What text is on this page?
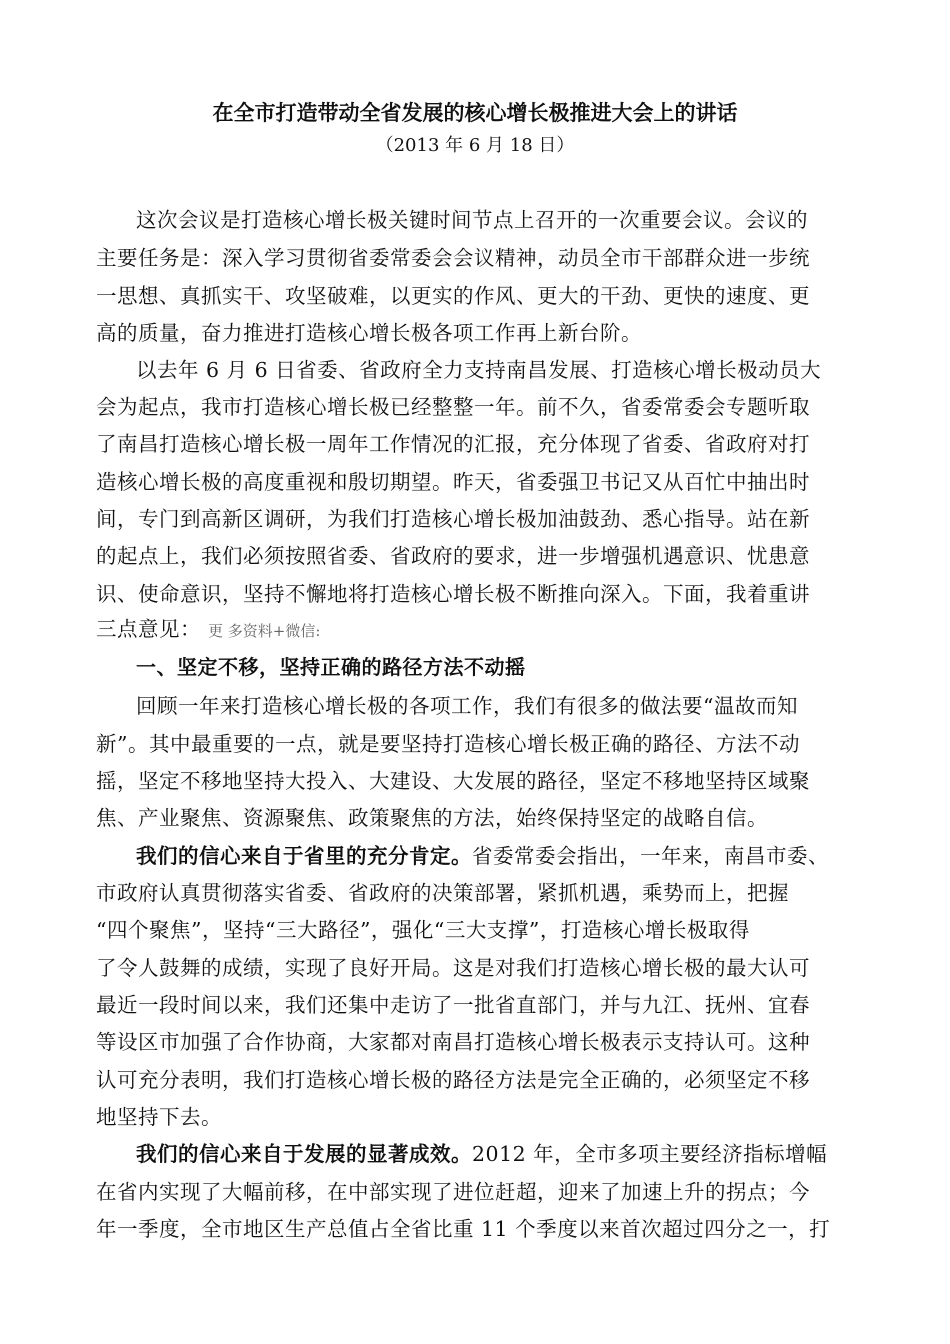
在全市打造带动全省发展的核心增长极推进大会上的讲话
（2013 年 6 月 18 日）
这次会议是打造核心增长极关键时间节点上召开的一次重要会议。会议的
主要任务是：深入学习贯彻省委常委会会议精神，动员全市干部群众进一步统
一思想、真抓实干、攻坚破难，以更实的作风、更大的干劲、更快的速度、更
高的质量，奋力推进打造核心增长极各项工作再上新台阶。
以去年 6 月 6 日省委、省政府全力支持南昌发展、打造核心增长极动员大
会为起点，我市打造核心增长极已经整整一年。前不久，省委常委会专题听取
了南昌打造核心增长极一周年工作情况的汇报，充分体现了省委、省政府对打
造核心增长极的高度重视和殷切期望。昨天，省委强卫书记又从百忙中抽出时
间，专门到高新区调研，为我们打造核心增长极加油鼓劲、悉心指导。站在新
的起点上，我们必须按照省委、省政府的要求，进一步增强机遇意识、忧患意
识、使命意识，坚持不懈地将打造核心增长极不断推向深入。下面，我着重讲
三点意见： 更 多资料+微信:
一、坚定不移，坚持正确的路径方法不动摇
回顾一年来打造核心增长极的各项工作，我们有很多的做法要“温故而知
新”。其中最重要的一点，就是要坚持打造核心增长极正确的路径、方法不动
摇，坚定不移地坚持大投入、大建设、大发展的路径，坚定不移地坚持区域聚
焦、产业聚焦、资源聚焦、政策聚焦的方法，始终保持坚定的战略自信。
我们的信心来自于省里的充分肯定。省委常委会指出，一年来，南昌市委、
市政府认真贯彻落实省委、省政府的决策部署，紧抓机遇，乘势而上，把握
“四个聚焦”，坚持“三大路径”，强化“三大支撑”，打造核心增长极取得
了令人鼓舞的成绩，实现了良好开局。这是对我们打造核心增长极的最大认可
最近一段时间以来，我们还集中走访了一批省直部门，并与九江、抚州、宜春
等设区市加强了合作协商，大家都对南昌打造核心增长极表示支持认可。这种
认可充分表明，我们打造核心增长极的路径方法是完全正确的，必须坚定不移
地坚持下去。
我们的信心来自于发展的显著成效。2012 年，全市多项主要经济指标增幅
在省内实现了大幅前移，在中部实现了进位赶超，迎来了加速上升的拐点；今
年一季度，全市地区生产总值占全省比重 11 个季度以来首次超过四分之一，打
